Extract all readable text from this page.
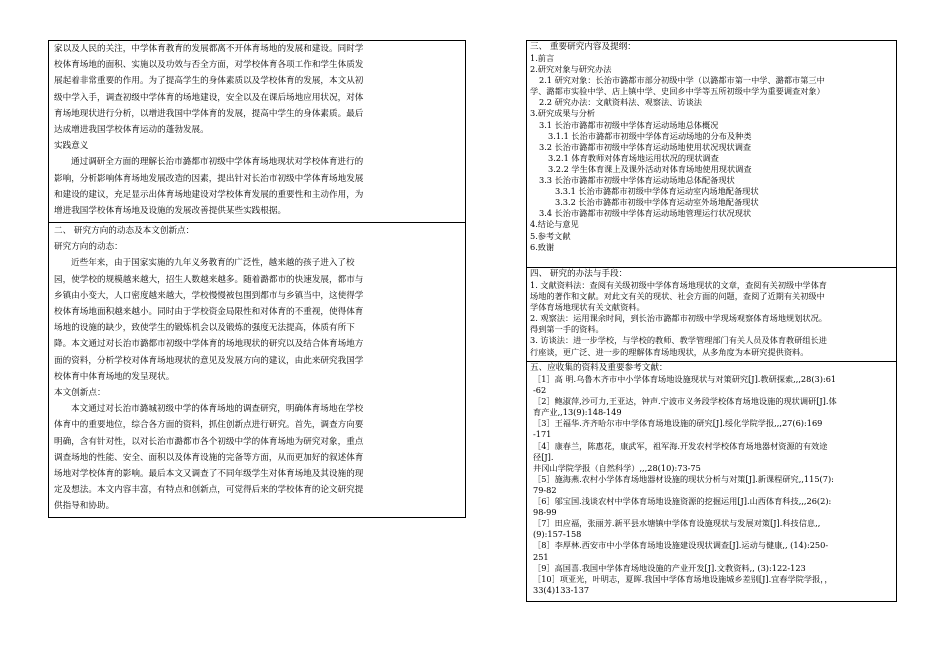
家以及人民的关注，中学体育教育的发展都离不开体育场地的发展和建设。同时学

校体育场地的面积、实施以及功效与否全方面，对学校体育各项工作和学生体质发

展起着非常重要的作用。为了提高学生的身体素质以及学校体育的发展，本文从初

级中学入手，调查初级中学体育的场地建设，安全以及在课后场地应用状况，对体

育场地现状进行分析，以增进我国中学体育的发展，提高中学生的身体素质。最后

达成增进我国学校体育运动的蓬勃发展。

实践意义

通过调研全方面的理解长治市潞都市初级中学体育场地现状对学校体育进行的

影响，分析影响体育场地发展改造的因素，提出针对长治市初级中学体育场地发展

和建设的建议，充足显示出体育场地建设对学校体育发展的重要性和主动作用，为

增进我国学校体育场地及设施的发展改善提供某些实践根据。

二、 研究方向的动态及本文创新点：

研究方向的动态：

近些年来，由于国家实施的九年义务教育的广泛性，越来越的孩子进入了校

园，使学校的规模越来越大，招生人数越来越多。随着潞都市的快速发展，都市与

乡镇由小变大，人口密度越来越大，学校慢慢被包围到都市与乡镇当中，这使得学

校体育场地面积越来越小。同时由于学校资金局限性和对体育的不重视，使得体育

场地的设施的缺少，致使学生的锻炼机会以及锻炼的强度无法提高，体质有所下

降。本文通过对长治市潞都市初级中学体育的场地现状的研究以及结合体育场地方

面的资料，分析学校对体育场地现状的意见及发展方向的建议，由此来研究我国学

校体育中体育场地的发呈现状。

本文创新点：

本文通过对长治市潞城初级中学的体育场地的调查研究，明确体育场地在学校

体育中的重要地位，综合各方面的资料，抓住创新点进行研究。首先，调查方向要

明确，含有针对性，以对长治市潞都市各个初级中学的体育场地为研究对象，重点

调查场地的性能、安全、面积以及体育设施的完备等方面，从而更加好的叙述体育

场地对学校体育的影响。最后本文又调查了不同年级学生对体育场地及其设施的现

定及想法。本文内容丰富，有特点和创新点，可觉得后来的学校体育的论文研究提

供指导和协助。

三、 重要研究内容及提纲：

1.前言

2.研究对象与研究办法

2.1 研究对象：长治市潞都市部分初级中学（以潞都市第一中学、潞都市第三中

学、潞都市实验中学、店上镇中学、史回乡中学等五所初级中学为重要调查对象）

2.2 研究办法：文献资料法、观察法、访谈法

3.研究成果与分析

3.1 长治市潞都市初级中学体育运动场地总体概况

3.1.1 长治市潞都市初级中学体育运动场地的分布及种类

3.2 长治市潞都市初级中学体育运动场地使用状况现状调查

3.2.1 体育教师对体育场地运用状况的现状调查

3.2.2 学生体育课上及课外活动对体育场地使用现状调查

3.3 长治市潞都市初级中学体育运动场地总体配备现状

3.3.1 长治市潞都市初级中学体育运动室内场地配备现状

3.3.2 长治市潞都市初级中学体育运动室外场地配备现状

3.4 长治市潞都市初级中学体育运动场地管理运行状况现状

4.结论与意见

5.参考文献

6.致谢

四、 研究的办法与手段：

1. 文献资料法：查阅有关级初级中学体育场地现状的文章，查阅有关初级中学体育

场地的著作和文献。对此文有关的现状、社会方面的问题，查阅了近期有关初级中

学体育场地现状有关文献资料。

2. 观察法：运用课余时间，到长治市潞都市初级中学现场观察体育场地规划状况。

得到第一手的资料。

3. 访谈法：进一步学校，与学校的教师、教学管理部门有关人员及体育教研组长进

行座谈，更广泛、进一步的理解体育场地现状，从多角度为本研究提供资料。

五、应收集的资料及重要参考文献：

［1］高 明.乌鲁木齐市中小学体育场地设施现状与对策研究[J].教研探索,,,28(3):61

-62

［2］鲍淑萍,沙可力,王亚达，钟声.宁波市义务段学校体育场地设施的现状调研[J].体

育产业,,13(9):148-149

［3］王福华.齐齐哈尔市中学体育场地设施的研究[J].绥化学院学报,,,27(6):169

-171

［4］康春兰，陈惠花，康武军，祖军海.开发农村学校体育场地器材资源的有效途

径[J].

井冈山学院学报（自然科学）,,,28(10):73-75

［5］施海燕.农村小学体育场地器材设施的现状分析与对策[J].新课程研究,,115(7):

79-82

［6］邬宝国.浅谈农村中学体育场地设施资源的挖掘运用[J].山西体育科技,,,26(2):

98-99

［7］田应福，张丽芳.新平县水塘镇中学体育设施现状与发展对策[J].科技信息,,

(9):157-158

［8］李厚林.西安市中小学体育场地设施建设现状调查[J].运动与健康,, (14):250-

251

［9］高国喜.我国中学体育场地设施的产业开发[J].文教资料,, (3):122-123

［10］项亚光，叶明志，夏晖.我国中学体育场地设施城乡差别[J].宜春学院学报，，

33(4)133-137
